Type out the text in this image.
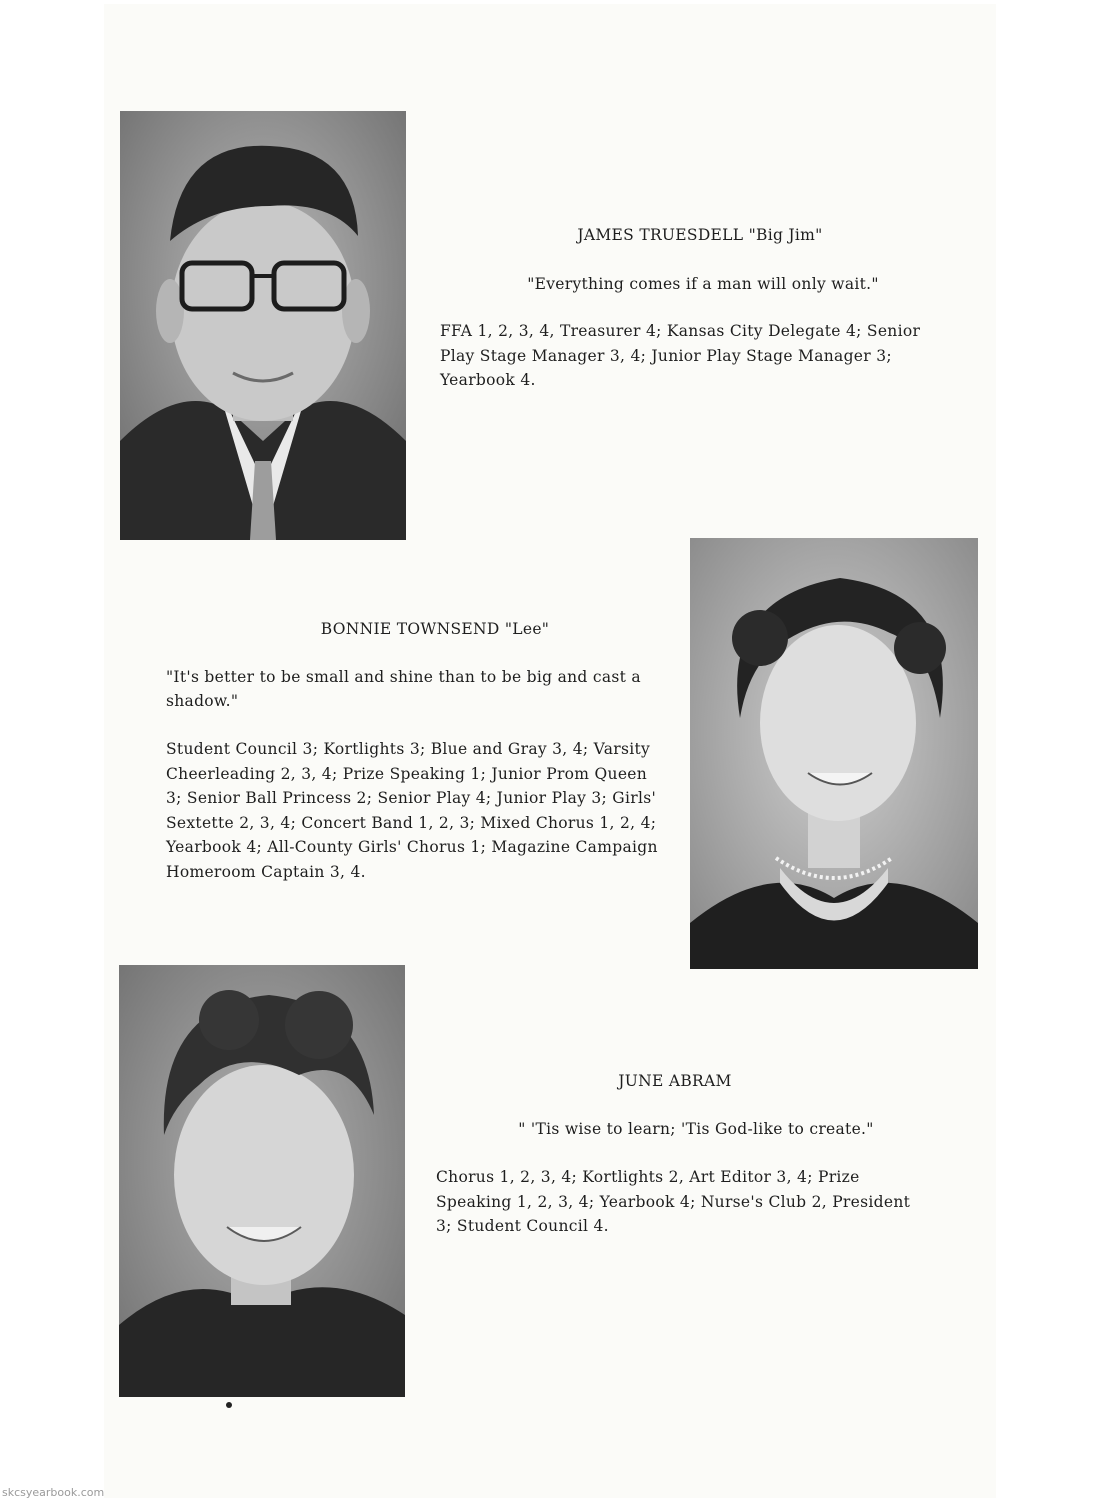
JAMES TRUESDELL "Big Jim"

"Everything comes if a man will only wait."

FFA 1, 2, 3, 4, Treasurer 4; Kansas City Delegate 4; Senior Play Stage Manager 3, 4; Junior Play Stage Manager 3; Yearbook 4.

BONNIE TOWNSEND "Lee"

"It's better to be small and shine than to be big and cast a shadow."

Student Council 3; Kortlights 3; Blue and Gray 3, 4; Varsity Cheerleading 2, 3, 4; Prize Speaking 1; Junior Prom Queen 3; Senior Ball Princess 2; Senior Play 4; Junior Play 3; Girls' Sextette 2, 3, 4; Concert Band 1, 2, 3; Mixed Chorus 1, 2, 4; Yearbook 4; All-County Girls' Chorus 1; Magazine Campaign Homeroom Captain 3, 4.

JUNE ABRAM

" 'Tis wise to learn; 'Tis God-like to create."

Chorus 1, 2, 3, 4; Kortlights 2, Art Editor 3, 4; Prize Speaking 1, 2, 3, 4; Yearbook 4; Nurse's Club 2, President 3; Student Council 4.

skcsyearbook.com
